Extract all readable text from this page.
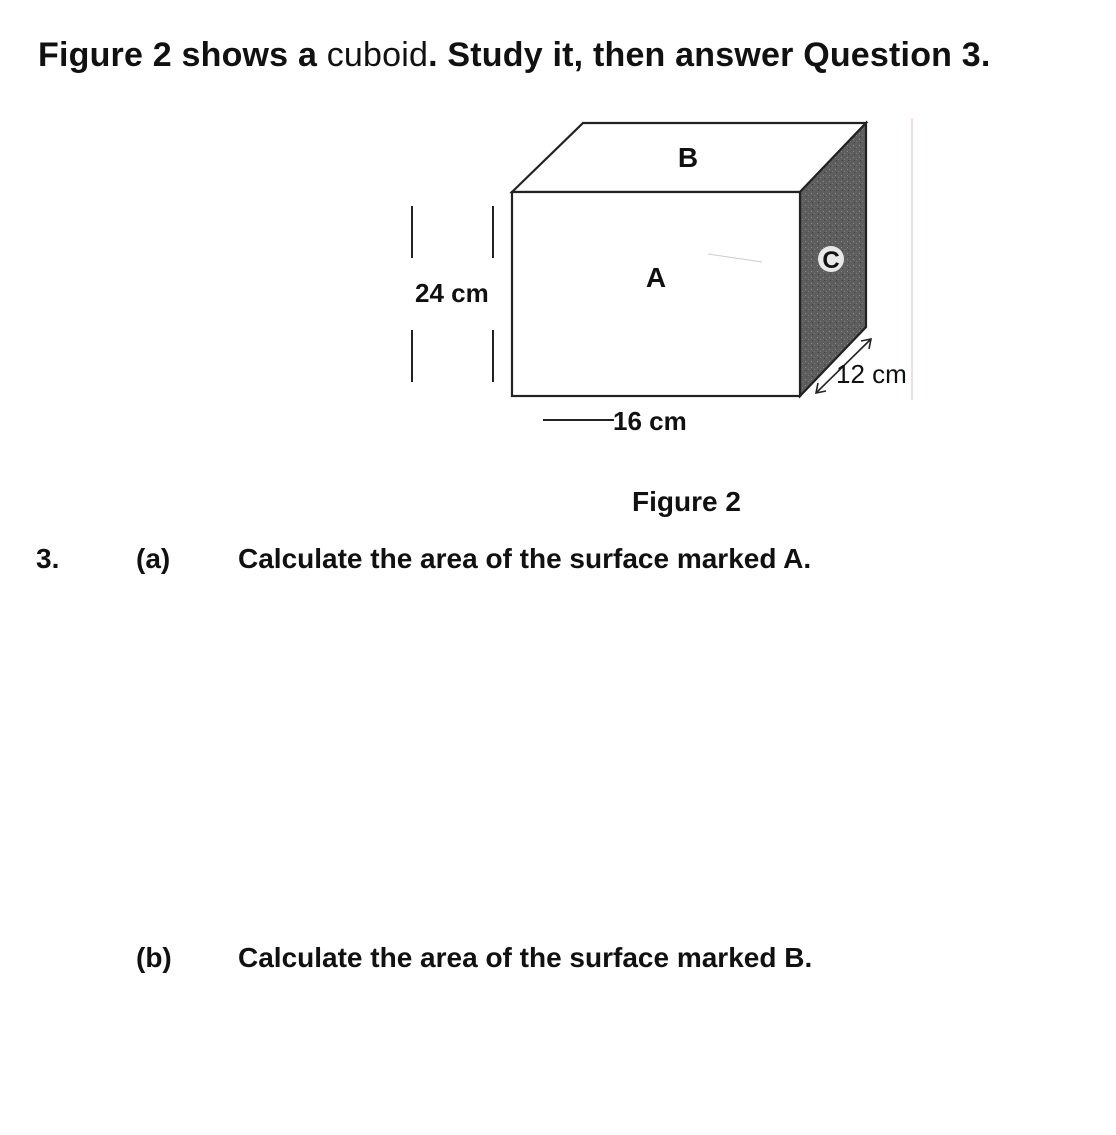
Figure 2 shows a cuboid. Study it, then answer Question 3.
B
A
C
24 cm
16 cm
12 cm
Figure 2
3.	(a) Calculate the area of the surface marked A.
(b) Calculate the area of the surface marked B.
